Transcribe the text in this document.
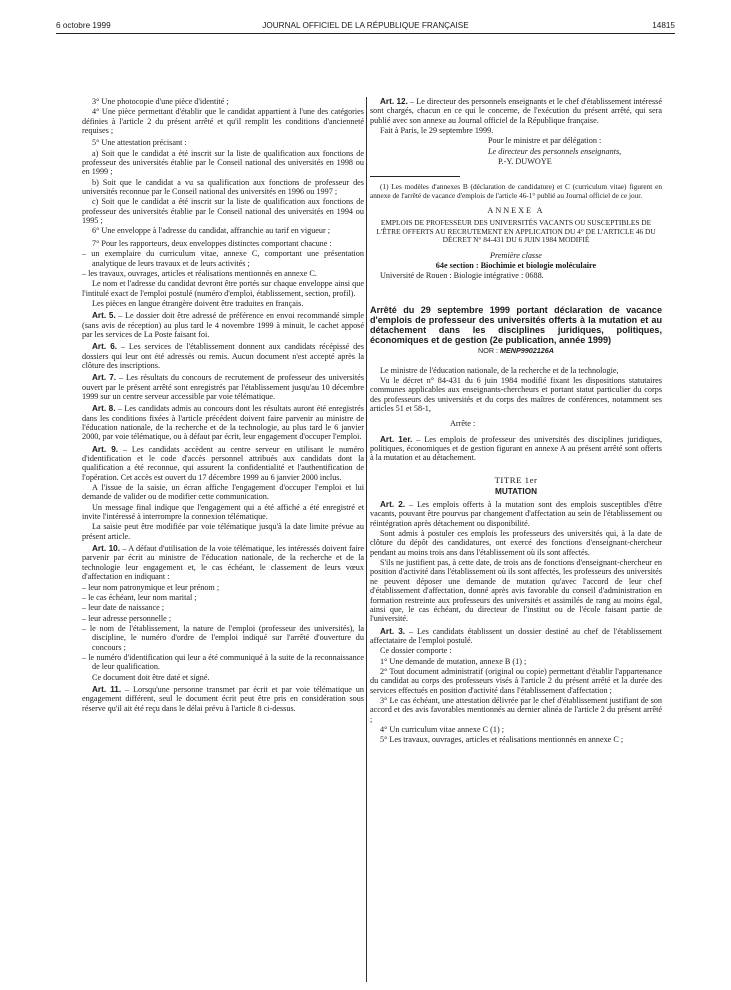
6 octobre 1999	JOURNAL OFFICIEL DE LA RÉPUBLIQUE FRANÇAISE	14815

3° Une photocopie d'une pièce d'identité ;

4° Une pièce permettant d'établir que le candidat appartient à l'une des catégories définies à l'article 2 du présent arrêté et qu'il remplit les conditions d'ancienneté requises ;

5° Une attestation précisant :

a) Soit que le candidat a été inscrit sur la liste de qualification aux fonctions de professeur des universités établie par le Conseil national des universités en 1998 ou en 1999 ;

b) Soit que le candidat a vu sa qualification aux fonctions de professeur des universités reconnue par le Conseil national des universités en 1996 ou 1997 ;

c) Soit que le candidat a été inscrit sur la liste de qualification aux fonctions de professeur des universités établie par le Conseil national des universités en 1994 ou 1995 ;

6° Une enveloppe à l'adresse du candidat, affranchie au tarif en vigueur ;

7° Pour les rapporteurs, deux enveloppes distinctes comportant chacune :

– un exemplaire du curriculum vitae, annexe C, comportant une présentation analytique de leurs travaux et de leurs activités ;

– les travaux, ouvrages, articles et réalisations mentionnés en annexe C.

Le nom et l'adresse du candidat devront être portés sur chaque enveloppe ainsi que l'intitulé exact de l'emploi postulé (numéro d'emploi, établissement, section, profil).

Les pièces en langue étrangère doivent être traduites en français.

Art. 5. – Le dossier doit être adressé de préférence en envoi recommandé simple (sans avis de réception) au plus tard le 4 novembre 1999 à minuit, le cachet apposé par les services de La Poste faisant foi.

Art. 6. – Les services de l'établissement donnent aux candidats récépissé des dossiers qui leur ont été adressés ou remis. Aucun document n'est accepté après la clôture des inscriptions.

Art. 7. – Les résultats du concours de recrutement de professeur des universités ouvert par le présent arrêté sont enregistrés par l'établissement jusqu'au 10 décembre 1999 sur un centre serveur accessible par voie télématique.

Art. 8. – Les candidats admis au concours dont les résultats auront été enregistrés dans les conditions fixées à l'article précédent doivent faire parvenir au ministre de l'éducation nationale, de la recherche et de la technologie, au plus tard le 6 janvier 2000, par voie télématique, ou à défaut par écrit, leur engagement d'occuper l'emploi.

Art. 9. – Les candidats accèdent au centre serveur en utilisant le numéro d'identification et le code d'accès personnel attribués aux candidats dont la qualification a été reconnue, qui assurent la confidentialité et l'authentification de l'opération. Cet accès est ouvert du 17 décembre 1999 au 6 janvier 2000 inclus.

A l'issue de la saisie, un écran affiche l'engagement d'occuper l'emploi et lui demande de valider ou de modifier cette communication.

Un message final indique que l'engagement qui a été affiché a été enregistré et invite l'intéressé à interrompre la connexion télématique.

La saisie peut être modifiée par voie télématique jusqu'à la date limite prévue au présent article.

Art. 10. – A défaut d'utilisation de la voie télématique, les intéressés doivent faire parvenir par écrit au ministre de l'éducation nationale, de la recherche et de la technologie leur engagement et, le cas échéant, le classement de leurs vœux d'affectation en indiquant :

– leur nom patronymique et leur prénom ;

– le cas échéant, leur nom marital ;

– leur date de naissance ;

– leur adresse personnelle ;

– le nom de l'établissement, la nature de l'emploi (professeur des universités), la discipline, le numéro d'ordre de l'emploi indiqué sur l'arrêté d'ouverture du concours ;

– le numéro d'identification qui leur a été communiqué à la suite de la reconnaissance de leur qualification.

Ce document doit être daté et signé.

Art. 11. – Lorsqu'une personne transmet par écrit et par voie télématique un engagement différent, seul le document écrit peut être pris en considération sous réserve qu'il ait été reçu dans le délai prévu à l'article 8 ci-dessus.

Art. 12. – Le directeur des personnels enseignants et le chef d'établissement intéressé sont chargés, chacun en ce qui le concerne, de l'exécution du présent arrêté, qui sera publié avec son annexe au Journal officiel de la République française.

Fait à Paris, le 29 septembre 1999.

Pour le ministre et par délégation :

Le directeur des personnels enseignants,

P.-Y. DUWOYE

(1) Les modèles d'annexes B (déclaration de candidature) et C (curriculum vitae) figurent en annexe de l'arrêté de vacance d'emplois de l'article 46-1° publié au Journal officiel de ce jour.

ANNEXE A

EMPLOIS DE PROFESSEUR DES UNIVERSITÉS VACANTS OU SUSCEPTIBLES DE L'ÊTRE OFFERTS AU RECRUTEMENT EN APPLICATION DU 4° DE L'ARTICLE 46 DU DÉCRET N° 84-431 DU 6 JUIN 1984 MODIFIÉ

Première classe

64e section : Biochimie et biologie moléculaire

Université de Rouen : Biologie intégrative : 0688.

Arrêté du 29 septembre 1999 portant déclaration de vacance d'emplois de professeur des universités offerts à la mutation et au détachement dans les disciplines juridiques, politiques, économiques et de gestion (2e publication, année 1999)

NOR : MENP9902126A

Le ministre de l'éducation nationale, de la recherche et de la technologie,

Vu le décret n° 84-431 du 6 juin 1984 modifié fixant les dispositions statutaires communes applicables aux enseignants-chercheurs et portant statut particulier du corps des professeurs des universités et du corps des maîtres de conférences, notamment ses articles 51 et 58-1,

Arrête :

Art. 1er. – Les emplois de professeur des universités des disciplines juridiques, politiques, économiques et de gestion figurant en annexe A au présent arrêté sont offerts à la mutation et au détachement.

TITRE 1er

MUTATION

Art. 2. – Les emplois offerts à la mutation sont des emplois susceptibles d'être vacants, pouvant être pourvus par changement d'affectation au sein de l'établissement ou réintégration après détachement ou disponibilité.

Sont admis à postuler ces emplois les professeurs des universités qui, à la date de clôture du dépôt des candidatures, ont exercé des fonctions d'enseignant-chercheur pendant au moins trois ans dans l'établissement où ils sont affectés.

S'ils ne justifient pas, à cette date, de trois ans de fonctions d'enseignant-chercheur en position d'activité dans l'établissement où ils sont affectés, les professeurs des universités ne peuvent déposer une demande de mutation qu'avec l'accord de leur chef d'établissement d'affectation, donné après avis favorable du conseil d'administration en formation restreinte aux professeurs des universités et assimilés de rang au moins égal, ainsi que, le cas échéant, du directeur de l'institut ou de l'école faisant partie de l'université.

Art. 3. – Les candidats établissent un dossier destiné au chef de l'établissement affectataire de l'emploi postulé.

Ce dossier comporte :

1° Une demande de mutation, annexe B (1) ;

2° Tout document administratif (original ou copie) permettant d'établir l'appartenance du candidat au corps des professeurs visés à l'article 2 du présent arrêté et la durée des services effectués en position d'activité dans l'établissement d'affectation ;

3° Le cas échéant, une attestation délivrée par le chef d'établissement justifiant de son accord et des avis favorables mentionnés au dernier alinéa de l'article 2 du présent arrêté ;

4° Un curriculum vitae annexe C (1) ;

5° Les travaux, ouvrages, articles et réalisations mentionnés en annexe C ;
